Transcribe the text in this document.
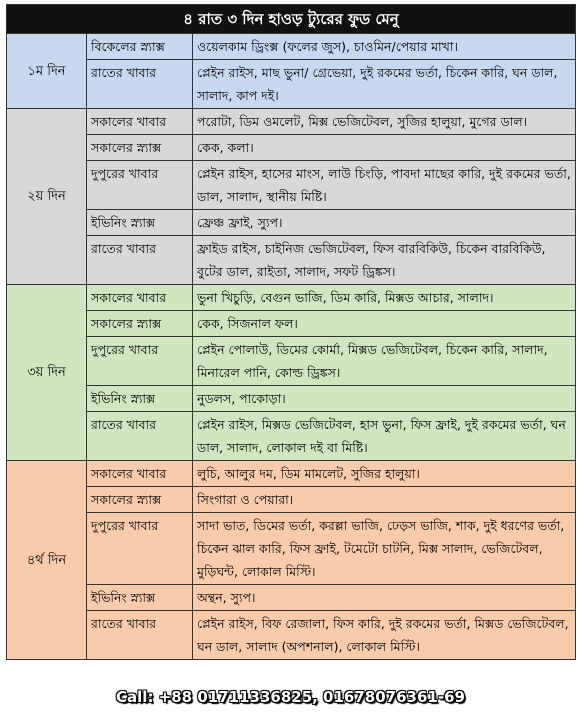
৪ রাত ৩ দিন হাওড় ট্যুরের ফুড মেনু		
১ম দিন	বিকেলের স্ন্যাক্স	ওয়েলকাম ড্রিংক্স (ফলের জুস), চাওমিন/পেয়ার মাখা।
	রাতের খাবার	প্লেইন রাইস, মাছ ভুনা/ গ্রেভেয়া, দুই রকমের ভর্তা, চিকেন কারি, ঘন ডাল, সালাদ, কাপ দই।
২য় দিন	সকালের খাবার	পরোটা, ডিম ওমলেট, মিক্স ভেজিটেবল, সুজির হালুয়া, মুগের ডাল।
	সকালের স্ন্যাক্স	কেক, কলা।
	দুপুরের খাবার	প্লেইন রাইস, হাসের মাংস, লাউ চিংড়ি, পাবদা মাছের কারি, দুই রকমের ভর্তা, ডাল, সালাদ, স্থানীয় মিষ্টি।
	ইভিনিং স্ন্যাক্স	ফ্রেঞ্চ ফ্রাই, স্যুপ।
	রাতের খাবার	ফ্রাইড রাইস, চাইনিজ ভেজিটেবল, ফিস বারবিকিউ, চিকেন বারবিকিউ, বুটের ডাল, রাইতা, সালাদ, সফট ড্রিঙ্কস।
৩য় দিন	সকালের খাবার	ভুনা খিচুড়ি, বেগুন ভাজি, ডিম কারি, মিক্সড আচার, সালাদ।
	সকালের স্ন্যাক্স	কেক, সিজনাল ফল।
	দুপুরের খাবার	প্লেইন পোলাউ, ডিমের কোর্মা, মিক্সড ভেজিটেবল, চিকেন কারি, সালাদ, মিনারেল পানি, কোল্ড ড্রিঙ্কস।
	ইভিনিং স্ন্যাক্স	নুডলস, পাকোড়া।
	রাতের খাবার	প্লেইন রাইস, মিক্সড ভেজিটেবল, হাস ভুনা, ফিস ফ্রাই, দুই রকমের ভর্তা, ঘন ডাল, সালাদ, লোকাল দই বা মিষ্টি।
৪র্থ দিন	সকালের খাবার	লুচি, আলুর দম, ডিম মামলেট, সুজির হালুয়া।
	সকালের স্ন্যাক্স	সিংগারা ও পেয়ারা।
	দুপুরের খাবার	সাদা ভাত, ডিমের ভর্তা, করল্লা ভাজি, ঢেড়স ভাজি, শাক, দুই ধরণের ভর্তা, চিকেন ঝাল কারি, ফিস ফ্রাই, টমেটো চাটনি, মিক্স সালাদ, ভেজিটেবল, মুড়িঘন্ট, লোকাল মিস্টি।
	ইভিনিং স্ন্যাক্স	অন্থন, স্যুপ।
	রাতের খাবার	প্লেইন রাইস, বিফ রেজালা, ফিস কারি, দুই রকমের ভর্তা, মিক্সড ভেজিটেবল, ঘন ডাল, সালাদ (অপশনাল), লোকাল মিস্টি।
Call: +88 01711336825, 01678076361-69
